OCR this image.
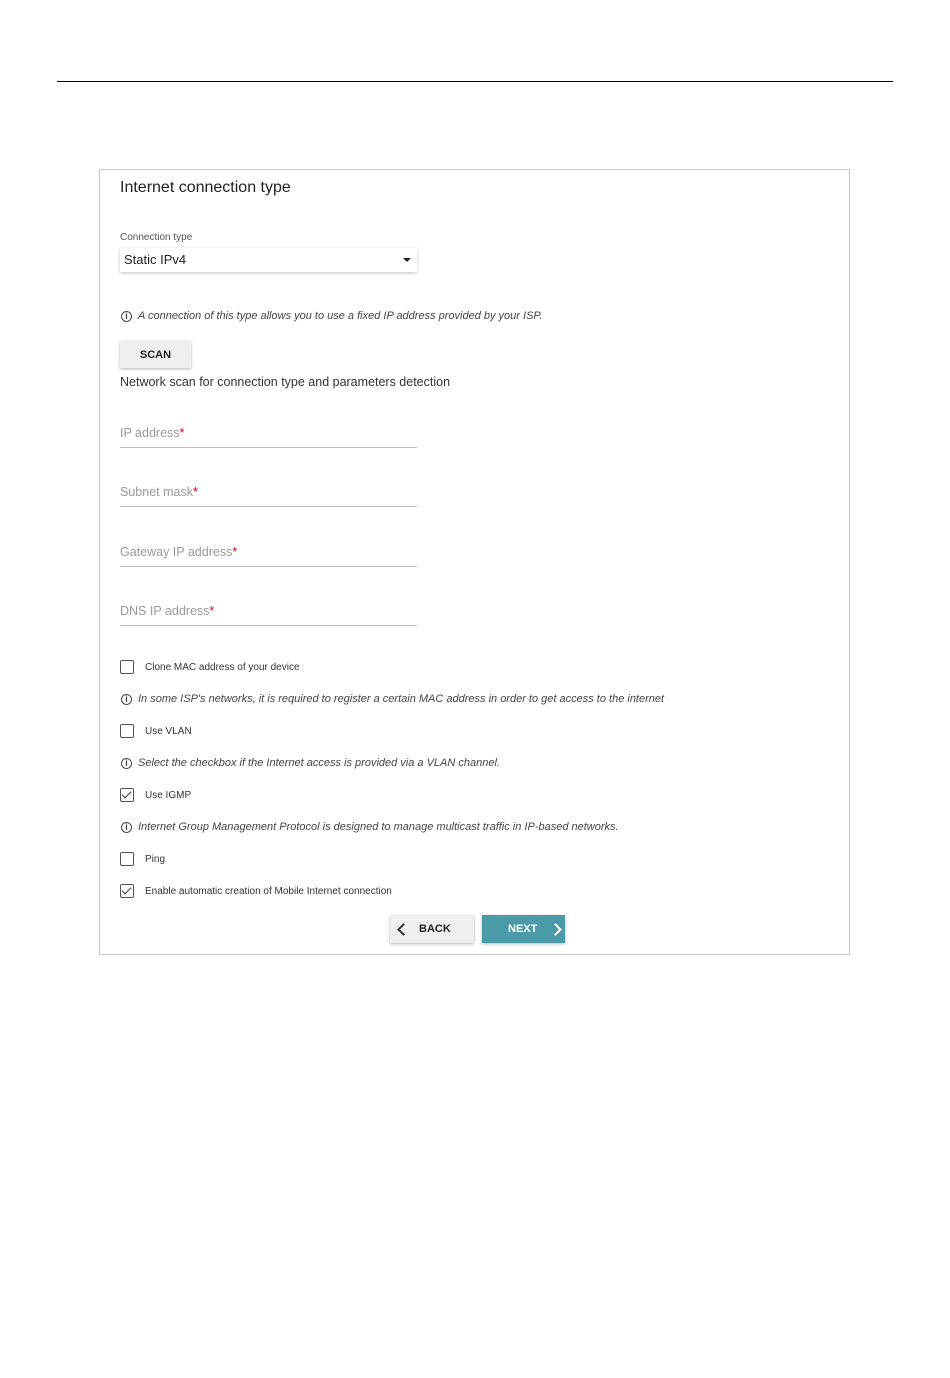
Internet connection type
Connection type
Static IPv4
i A connection of this type allows you to use a fixed IP address provided by your ISP.
SCAN
Network scan for connection type and parameters detection
IP address*
Subnet mask*
Gateway IP address*
DNS IP address*
Clone MAC address of your device
i In some ISP's networks, it is required to register a certain MAC address in order to get access to the internet
Use VLAN
i Select the checkbox if the Internet access is provided via a VLAN channel.
Use IGMP
i Internet Group Management Protocol is designed to manage multicast traffic in IP-based networks.
Ping
Enable automatic creation of Mobile Internet connection
BACK	NEXT
